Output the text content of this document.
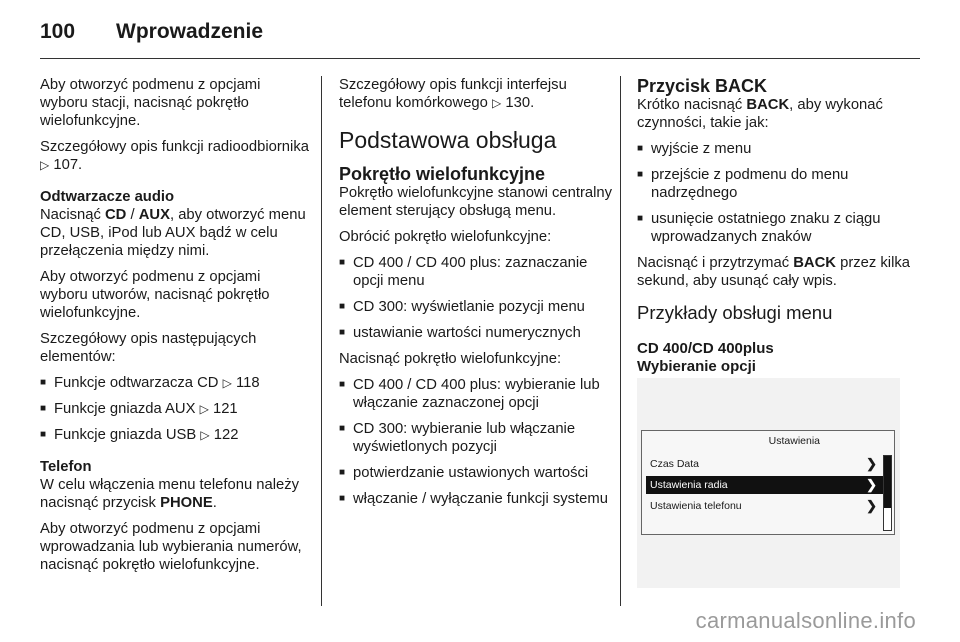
100 Wprowadzenie

Aby otworzyć podmenu z opcjami wyboru stacji, nacisnąć pokrętło wielofunkcyjne.

Szczegółowy opis funkcji radioodbiornika ▷ 107.

Odtwarzacze audio

Nacisnąć CD / AUX, aby otworzyć menu CD, USB, iPod lub AUX bądź w celu przełączenia między nimi.

Aby otworzyć podmenu z opcjami wyboru utworów, nacisnąć pokrętło wielofunkcyjne.

Szczegółowy opis następujących elementów:

■ Funkcje odtwarzacza CD ▷ 118
■ Funkcje gniazda AUX ▷ 121
■ Funkcje gniazda USB ▷ 122

Telefon

W celu włączenia menu telefonu należy nacisnąć przycisk PHONE.

Aby otworzyć podmenu z opcjami wprowadzania lub wybierania numerów, nacisnąć pokrętło wielofunkcyjne.

Szczegółowy opis funkcji interfejsu telefonu komórkowego ▷ 130.

Podstawowa obsługa
Pokrętło wielofunkcyjne

Pokrętło wielofunkcyjne stanowi centralny element sterujący obsługą menu.

Obrócić pokrętło wielofunkcyjne:

■ CD 400 / CD 400 plus: zaznaczanie opcji menu
■ CD 300: wyświetlanie pozycji menu
■ ustawianie wartości numerycznych

Nacisnąć pokrętło wielofunkcyjne:

■ CD 400 / CD 400 plus: wybieranie lub włączanie zaznaczonej opcji
■ CD 300: wybieranie lub włączanie wyświetlonych pozycji
■ potwierdzanie ustawionych wartości
■ włączanie / wyłączanie funkcji systemu
Przycisk BACK

Krótko nacisnąć BACK, aby wykonać czynności, takie jak:

■ wyjście z menu
■ przejście z podmenu do menu nadrzędnego
■ usunięcie ostatniego znaku z ciągu wprowadzanych znaków

Nacisnąć i przytrzymać BACK przez kilka sekund, aby usunąć cały wpis.

Przykłady obsługi menu
CD 400/CD 400plus
Wybieranie opcji
Ustawienia
Czas Data	❯
Ustawienia radia	❯
Ustawienia telefonu	❯
carmanualsonline.info
